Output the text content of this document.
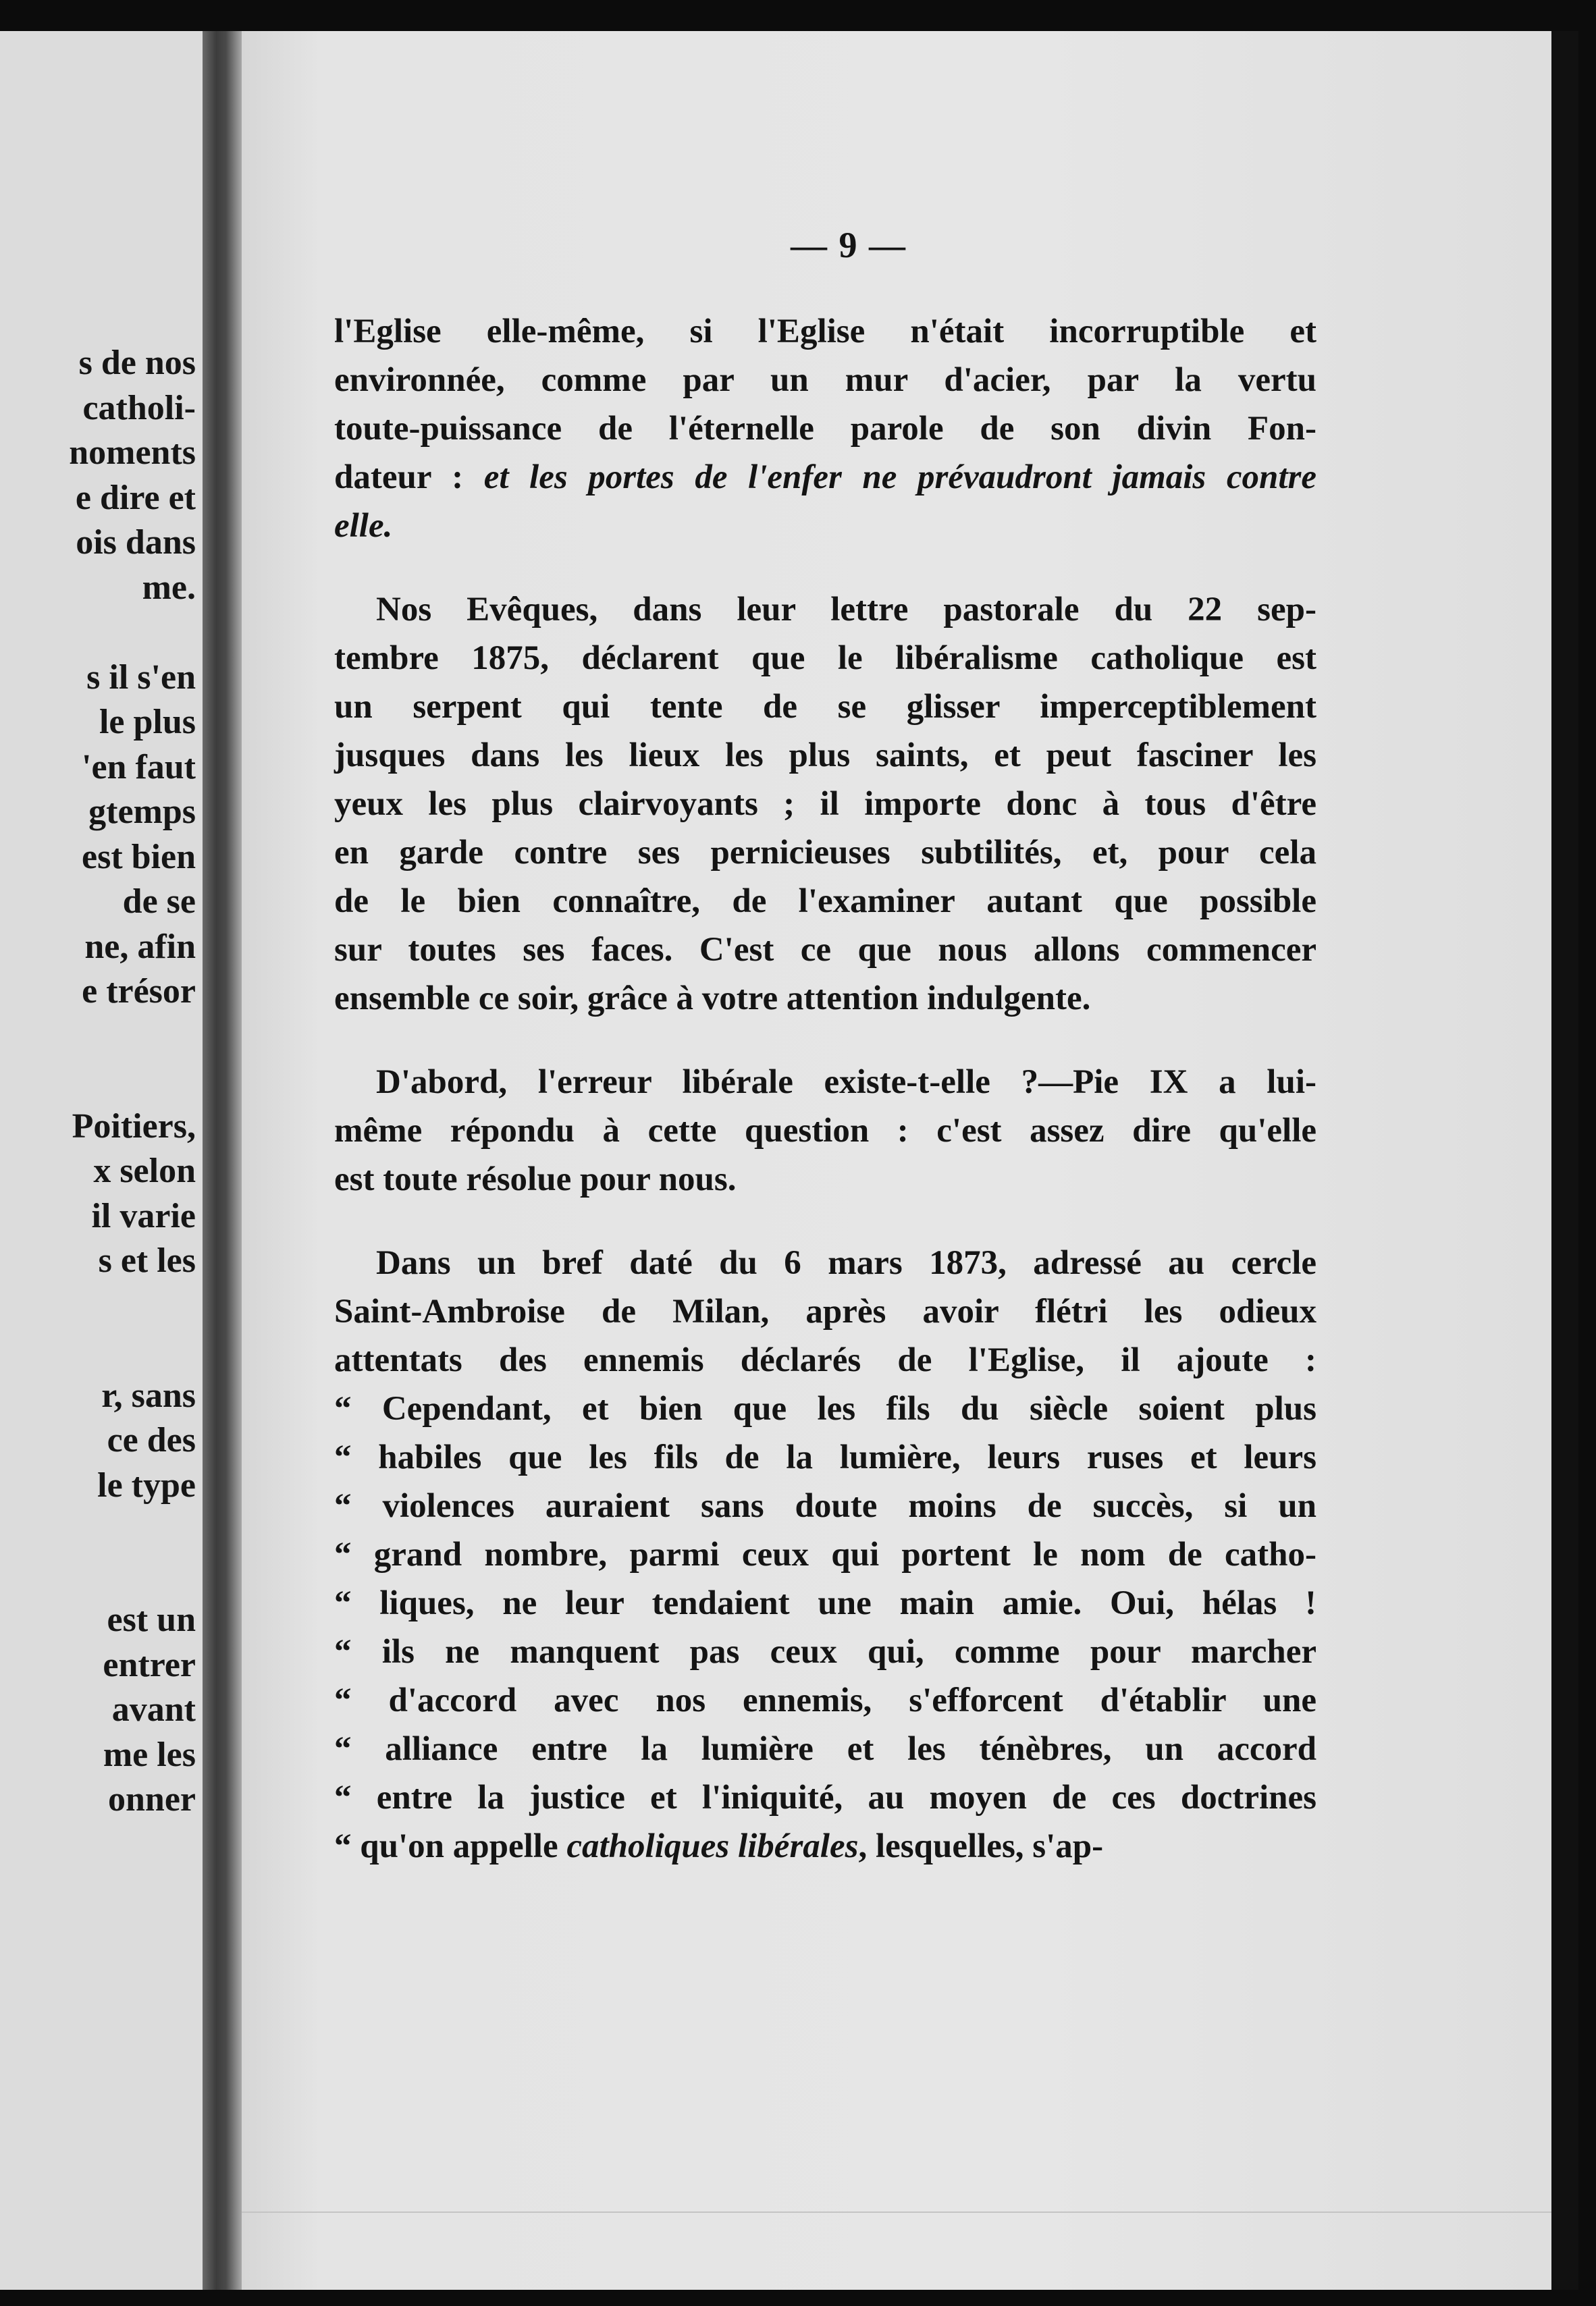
s de nos
catholi-
noments
e dire et
ois dans
me.
s il s'en
le plus
'en faut
gtemps
est bien
de se
ne, afin
e trésor
Poitiers,
x selon
il varie
s et les
r, sans
ce des
le type
est un
entrer
avant
me les
onner
— 9 —
l'Eglise elle-même, si l'Eglise n'était incorruptible et
environnée, comme par un mur d'acier, par la vertu
toute-puissance de l'éternelle parole de son divin Fon-
dateur : et les portes de l'enfer ne prévaudront jamais contre
elle.
Nos Evêques, dans leur lettre pastorale du 22 sep-
tembre 1875, déclarent que le libéralisme catholique est
un serpent qui tente de se glisser imperceptiblement
jusques dans les lieux les plus saints, et peut fasciner les
yeux les plus clairvoyants ; il importe donc à tous d'être
en garde contre ses pernicieuses subtilités, et, pour cela
de le bien connaître, de l'examiner autant que possible
sur toutes ses faces. C'est ce que nous allons commencer
ensemble ce soir, grâce à votre attention indulgente.
D'abord, l'erreur libérale existe-t-elle ?—Pie IX a lui-
même répondu à cette question : c'est assez dire qu'elle
est toute résolue pour nous.
Dans un bref daté du 6 mars 1873, adressé au cercle
Saint-Ambroise de Milan, après avoir flétri les odieux
attentats des ennemis déclarés de l'Eglise, il ajoute :
“ Cependant, et bien que les fils du siècle soient plus
“ habiles que les fils de la lumière, leurs ruses et leurs
“ violences auraient sans doute moins de succès, si un
“ grand nombre, parmi ceux qui portent le nom de catho-
“ liques, ne leur tendaient une main amie. Oui, hélas !
“ ils ne manquent pas ceux qui, comme pour marcher
“ d'accord avec nos ennemis, s'efforcent d'établir une
“ alliance entre la lumière et les ténèbres, un accord
“ entre la justice et l'iniquité, au moyen de ces doctrines
“ qu'on appelle catholiques libérales, lesquelles, s'ap-
